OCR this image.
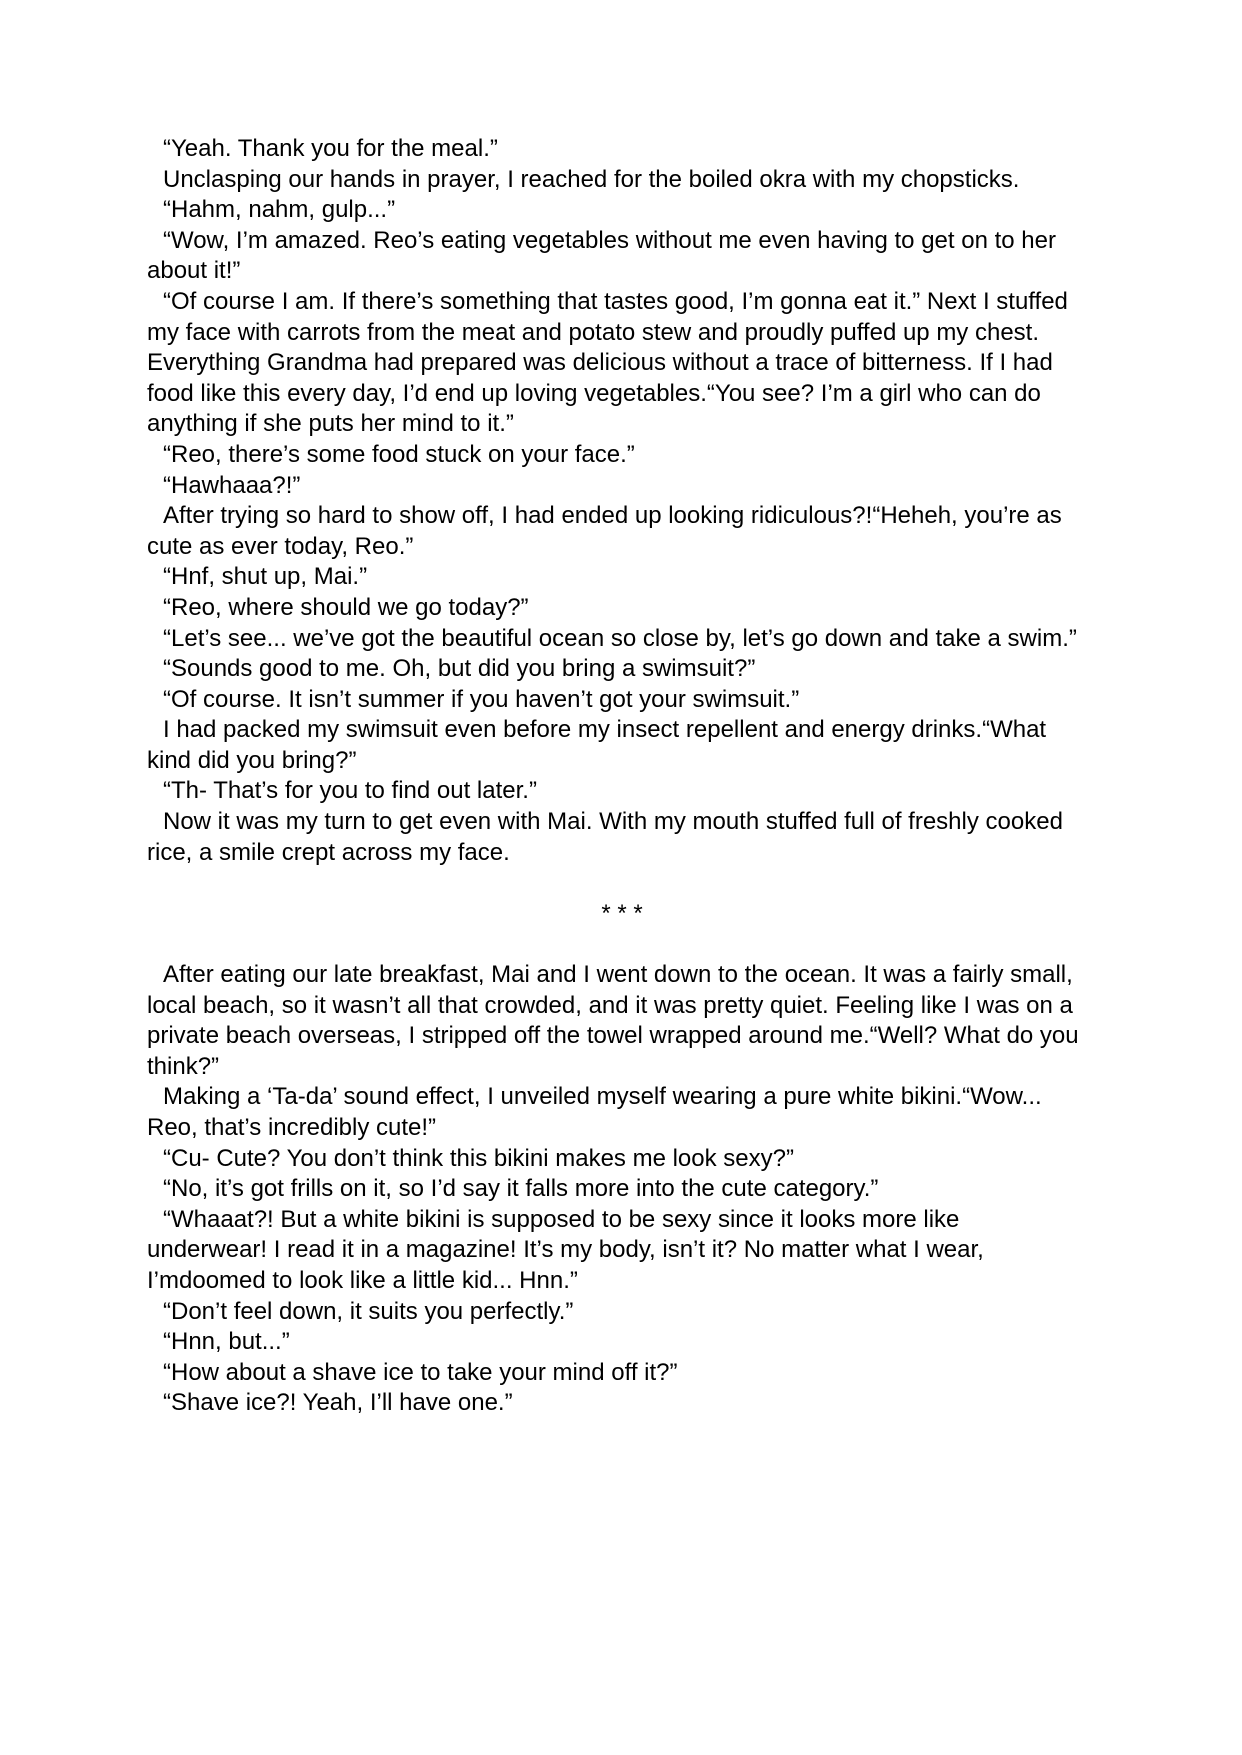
“Yeah. Thank you for the meal.”

Unclasping our hands in prayer, I reached for the boiled okra with my chopsticks.

“Hahm, nahm, gulp...”

“Wow, I’m amazed. Reo’s eating vegetables without me even having to get on to her
about it!”

“Of course I am. If there’s something that tastes good, I’m gonna eat it.” Next I stuffed
my face with carrots from the meat and potato stew and proudly puffed up my chest.
Everything Grandma had prepared was delicious without a trace of bitterness. If I had
food like this every day, I’d end up loving vegetables.“You see? I’m a girl who can do
anything if she puts her mind to it.”

“Reo, there’s some food stuck on your face.”

“Hawhaaa?!”

After trying so hard to show off, I had ended up looking ridiculous?!“Heheh, you’re as
cute as ever today, Reo.”

“Hnf, shut up, Mai.”

“Reo, where should we go today?”

“Let’s see... we’ve got the beautiful ocean so close by, let’s go down and take a swim.”

“Sounds good to me. Oh, but did you bring a swimsuit?”

“Of course. It isn’t summer if you haven’t got your swimsuit.”

I had packed my swimsuit even before my insect repellent and energy drinks.“What
kind did you bring?”

“Th- That’s for you to find out later.”

Now it was my turn to get even with Mai. With my mouth stuffed full of freshly cooked
rice, a smile crept across my face.

* * *

After eating our late breakfast, Mai and I went down to the ocean. It was a fairly small,
local beach, so it wasn’t all that crowded, and it was pretty quiet. Feeling like I was on a
private beach overseas, I stripped off the towel wrapped around me.“Well? What do you
think?”

Making a ‘Ta-da’ sound effect, I unveiled myself wearing a pure white bikini.“Wow...
Reo, that’s incredibly cute!”

“Cu- Cute? You don’t think this bikini makes me look sexy?”

“No, it’s got frills on it, so I’d say it falls more into the cute category.”

“Whaaat?! But a white bikini is supposed to be sexy since it looks more like
underwear! I read it in a magazine! It’s my body, isn’t it? No matter what I wear,
I’mdoomed to look like a little kid... Hnn.”

“Don’t feel down, it suits you perfectly.”

“Hnn, but...”

“How about a shave ice to take your mind off it?”

“Shave ice?! Yeah, I’ll have one.”
